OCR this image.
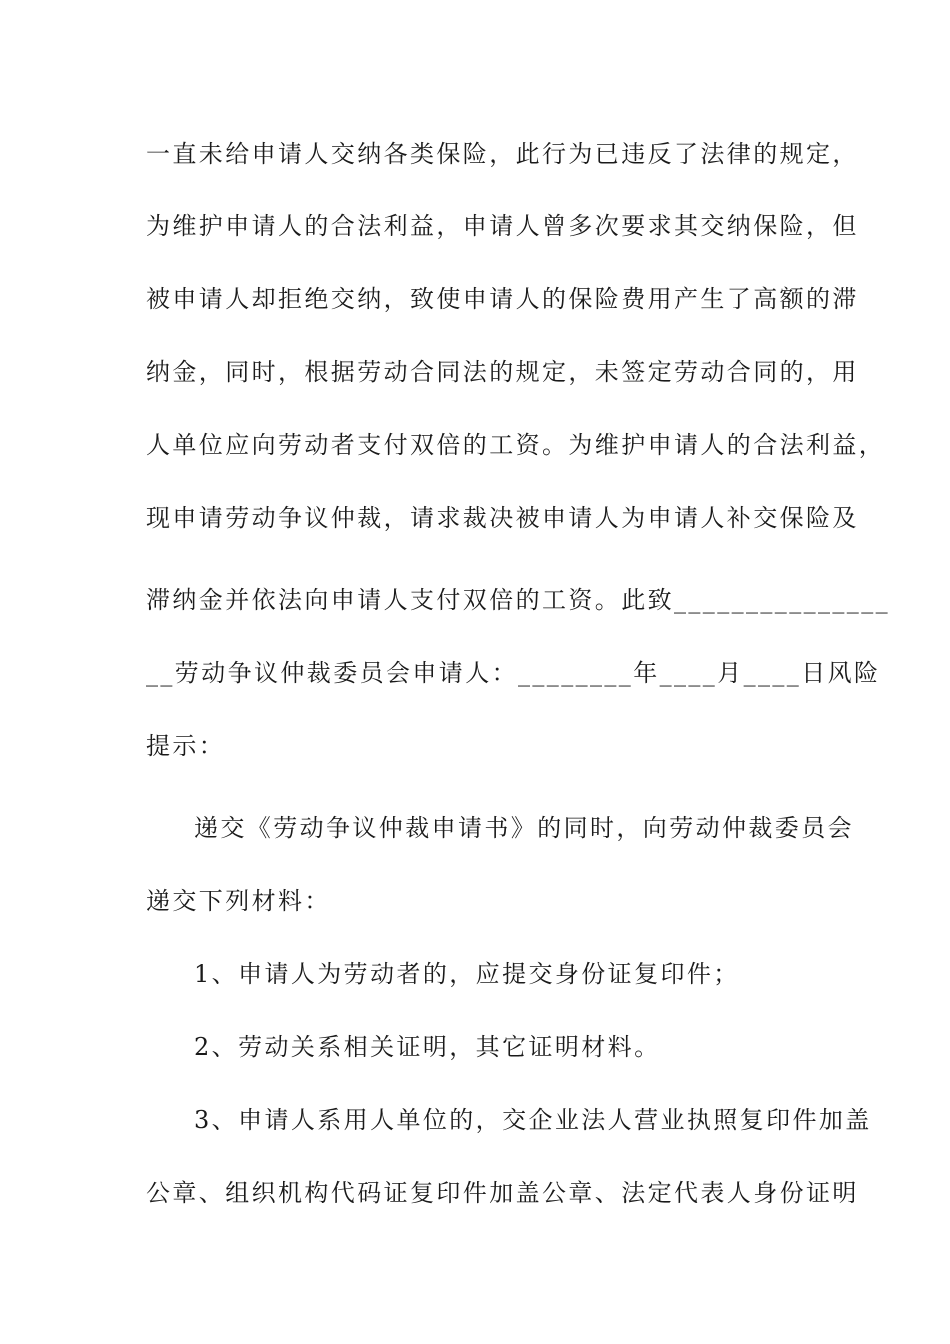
一直未给申请人交纳各类保险，此行为已违反了法律的规定，
为维护申请人的合法利益，申请人曾多次要求其交纳保险，但
被申请人却拒绝交纳，致使申请人的保险费用产生了高额的滞
纳金，同时，根据劳动合同法的规定，未签定劳动合同的，用
人单位应向劳动者支付双倍的工资。为维护申请人的合法利益，
现申请劳动争议仲裁，请求裁决被申请人为申请人补交保险及
滞纳金并依法向申请人支付双倍的工资。此致_______________
__劳动争议仲裁委员会申请人：________年____月____日风险
提示：
递交《劳动争议仲裁申请书》的同时，向劳动仲裁委员会
递交下列材料：
1、申请人为劳动者的，应提交身份证复印件；
2、劳动关系相关证明，其它证明材料。
3、申请人系用人单位的，交企业法人营业执照复印件加盖
公章、组织机构代码证复印件加盖公章、法定代表人身份证明
